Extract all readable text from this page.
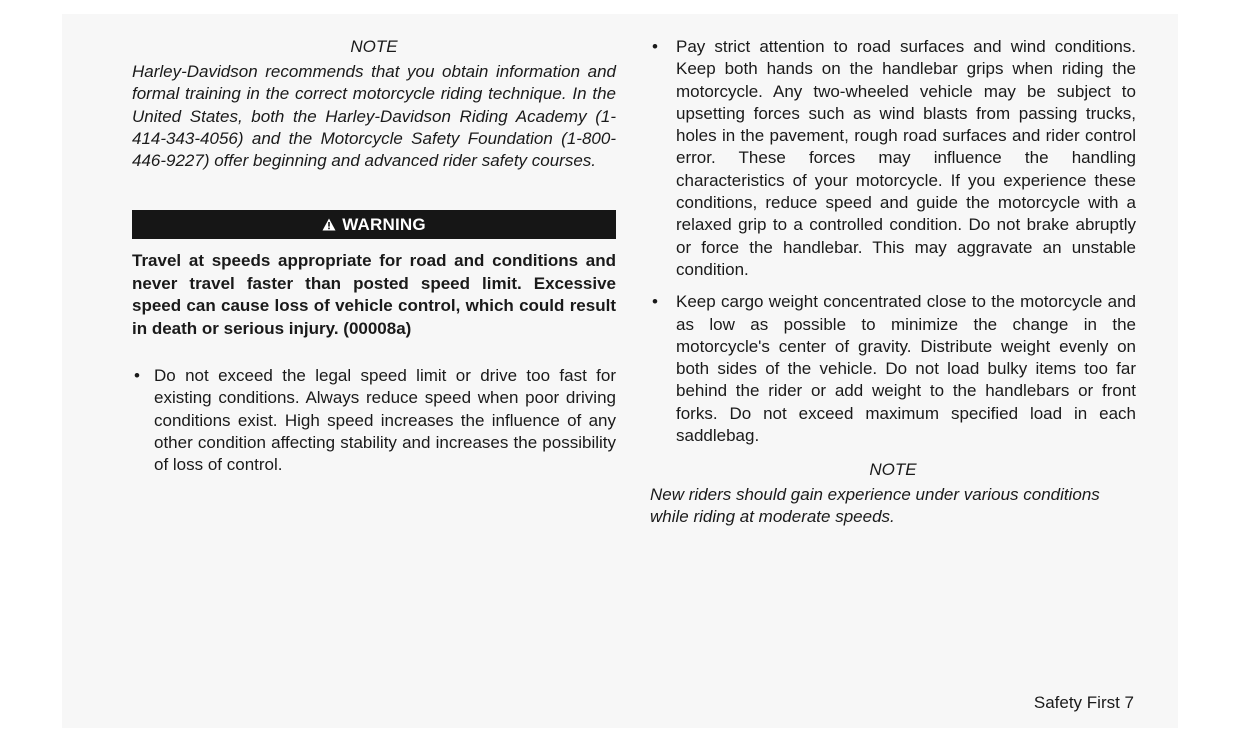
NOTE

Harley-Davidson recommends that you obtain information and formal training in the correct motorcycle riding technique. In the United States, both the Harley-Davidson Riding Academy (1-414-343-4056) and the Motorcycle Safety Foundation (1-800-446-9227) offer beginning and advanced rider safety courses.

WARNING

Travel at speeds appropriate for road and conditions and never travel faster than posted speed limit. Excessive speed can cause loss of vehicle control, which could result in death or serious injury. (00008a)

• Do not exceed the legal speed limit or drive too fast for existing conditions. Always reduce speed when poor driving conditions exist. High speed increases the influence of any other condition affecting stability and increases the possibility of loss of control.
• Pay strict attention to road surfaces and wind conditions. Keep both hands on the handlebar grips when riding the motorcycle. Any two-wheeled vehicle may be subject to upsetting forces such as wind blasts from passing trucks, holes in the pavement, rough road surfaces and rider control error. These forces may influence the handling characteristics of your motorcycle. If you experience these conditions, reduce speed and guide the motorcycle with a relaxed grip to a controlled condition. Do not brake abruptly or force the handlebar. This may aggravate an unstable condition.
• Keep cargo weight concentrated close to the motorcycle and as low as possible to minimize the change in the motorcycle's center of gravity. Distribute weight evenly on both sides of the vehicle. Do not load bulky items too far behind the rider or add weight to the handlebars or front forks. Do not exceed maximum specified load in each saddlebag.

NOTE

New riders should gain experience under various conditions while riding at moderate speeds.

Safety First 7
